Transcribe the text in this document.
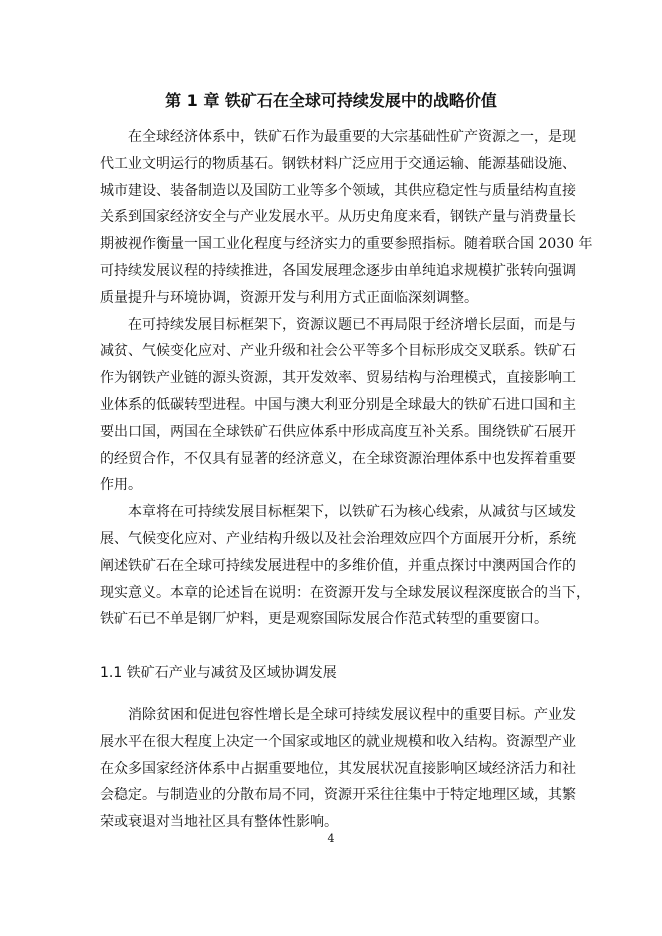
第 1 章 铁矿石在全球可持续发展中的战略价值
在全球经济体系中，铁矿石作为最重要的大宗基础性矿产资源之一，是现
代工业文明运行的物质基石。钢铁材料广泛应用于交通运输、能源基础设施、
城市建设、装备制造以及国防工业等多个领域，其供应稳定性与质量结构直接
关系到国家经济安全与产业发展水平。从历史角度来看，钢铁产量与消费量长
期被视作衡量一国工业化程度与经济实力的重要参照指标。随着联合国 2030 年
可持续发展议程的持续推进，各国发展理念逐步由单纯追求规模扩张转向强调
质量提升与环境协调，资源开发与利用方式正面临深刻调整。
在可持续发展目标框架下，资源议题已不再局限于经济增长层面，而是与
减贫、气候变化应对、产业升级和社会公平等多个目标形成交叉联系。铁矿石
作为钢铁产业链的源头资源，其开发效率、贸易结构与治理模式，直接影响工
业体系的低碳转型进程。中国与澳大利亚分别是全球最大的铁矿石进口国和主
要出口国，两国在全球铁矿石供应体系中形成高度互补关系。围绕铁矿石展开
的经贸合作，不仅具有显著的经济意义，在全球资源治理体系中也发挥着重要
作用。
本章将在可持续发展目标框架下，以铁矿石为核心线索，从减贫与区域发
展、气候变化应对、产业结构升级以及社会治理效应四个方面展开分析，系统
阐述铁矿石在全球可持续发展进程中的多维价值，并重点探讨中澳两国合作的
现实意义。本章的论述旨在说明：在资源开发与全球发展议程深度嵌合的当下，
铁矿石已不单是钢厂炉料，更是观察国际发展合作范式转型的重要窗口。
1.1 铁矿石产业与减贫及区域协调发展
消除贫困和促进包容性增长是全球可持续发展议程中的重要目标。产业发
展水平在很大程度上决定一个国家或地区的就业规模和收入结构。资源型产业
在众多国家经济体系中占据重要地位，其发展状况直接影响区域经济活力和社
会稳定。与制造业的分散布局不同，资源开采往往集中于特定地理区域，其繁
荣或衰退对当地社区具有整体性影响。
4
